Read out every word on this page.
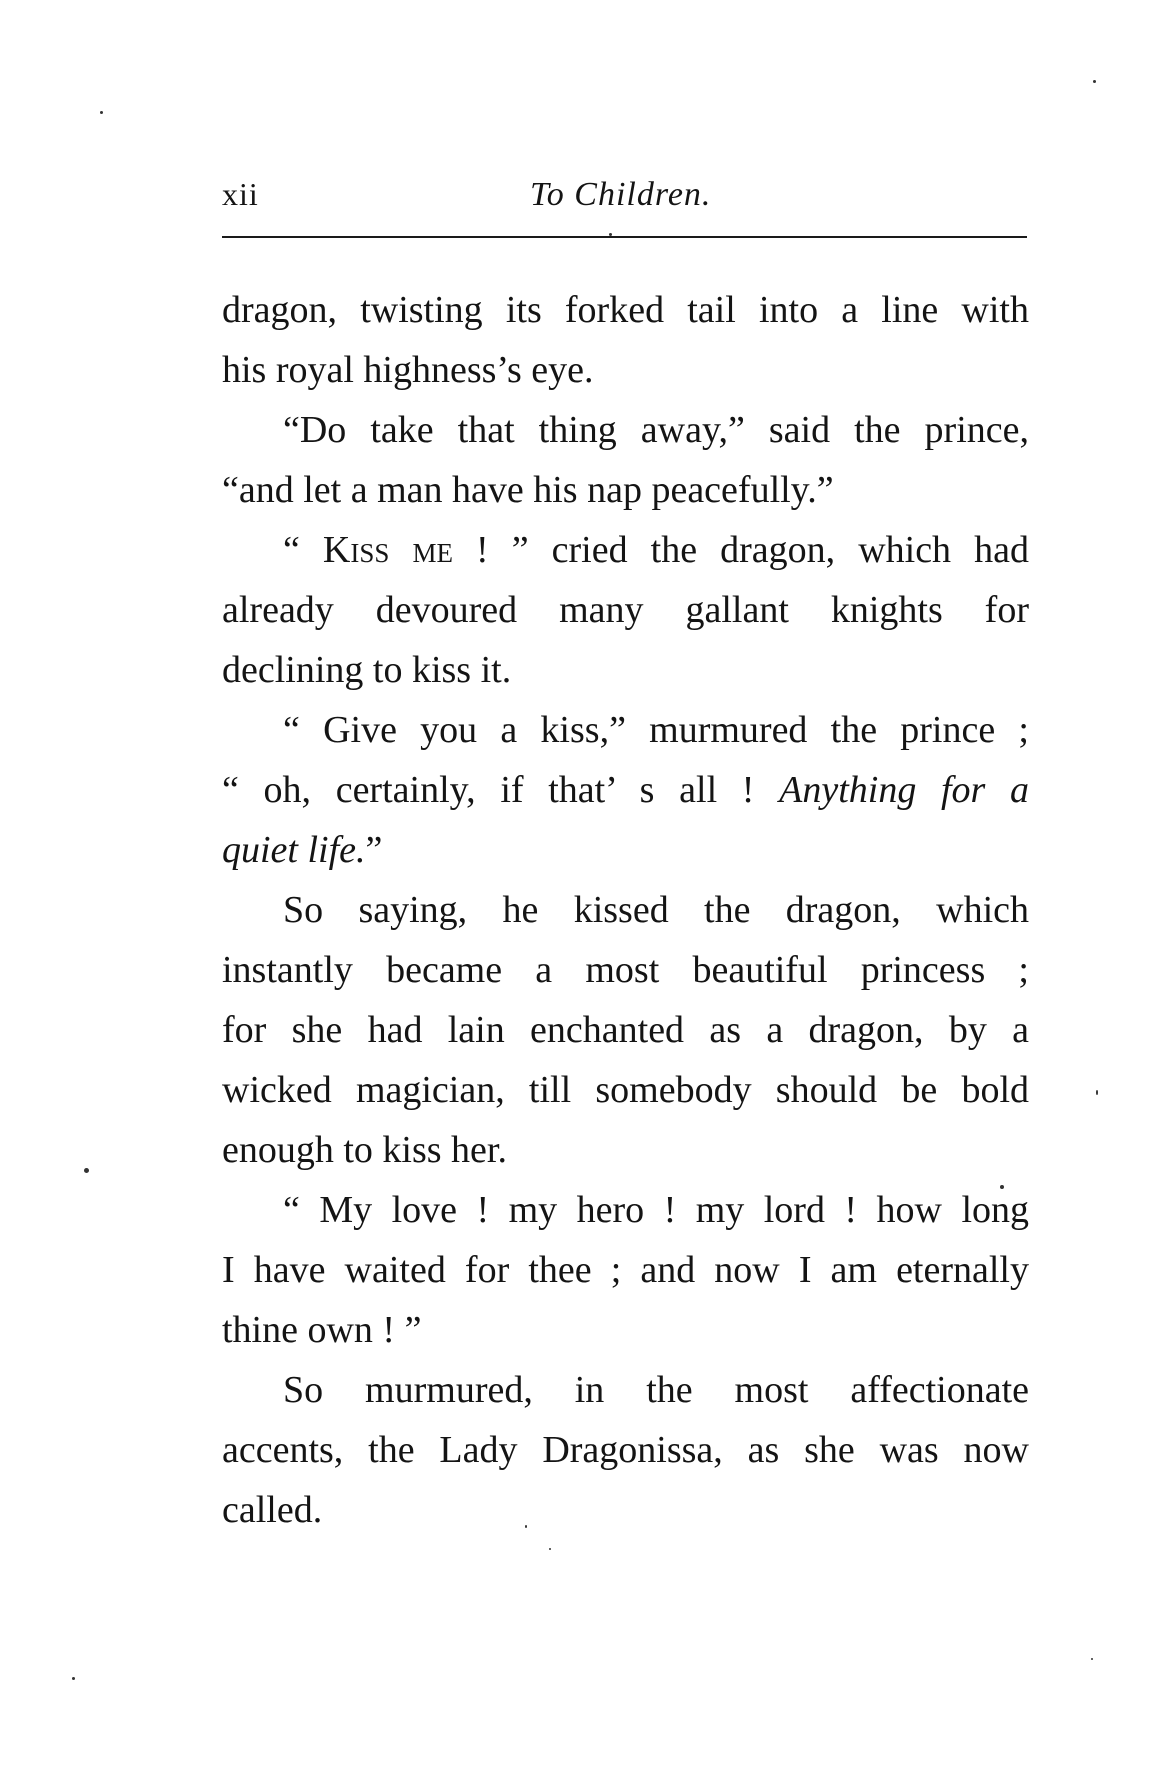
xii	To Children.
dragon, twisting its forked tail into a line with
his royal highness’s eye.
“Do take that thing away,” said the prince,
“and let a man have his nap peacefully.”
“ Kiss me ! ” cried the dragon, which had
already devoured many gallant knights for
declining to kiss it.
“ Give you a kiss,” murmured the prince ;
“ oh, certainly, if that’ s all ! Anything for a
quiet life.”
So saying, he kissed the dragon, which
instantly became a most beautiful princess ;
for she had lain enchanted as a dragon, by a
wicked magician, till somebody should be bold
enough to kiss her.
“ My love ! my hero ! my lord ! how long
I have waited for thee ; and now I am eternally
thine own ! ”
So murmured, in the most affectionate
accents, the Lady Dragonissa, as she was now
called.
